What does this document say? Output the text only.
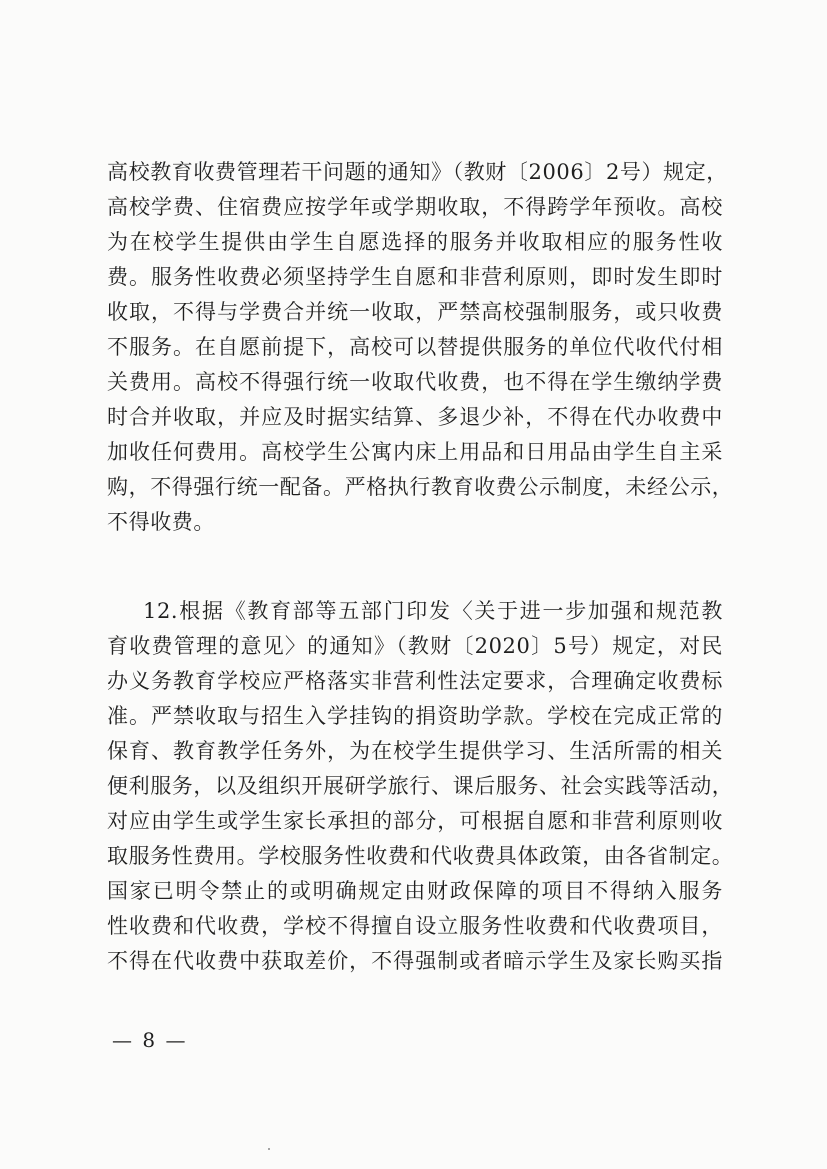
高校教育收费管理若干问题的通知》（教财〔2006〕2号）规定，
高校学费、住宿费应按学年或学期收取，不得跨学年预收。高校
为在校学生提供由学生自愿选择的服务并收取相应的服务性收
费。服务性收费必须坚持学生自愿和非营利原则，即时发生即时
收取，不得与学费合并统一收取，严禁高校强制服务，或只收费
不服务。在自愿前提下，高校可以替提供服务的单位代收代付相
关费用。高校不得强行统一收取代收费，也不得在学生缴纳学费
时合并收取，并应及时据实结算、多退少补，不得在代办收费中
加收任何费用。高校学生公寓内床上用品和日用品由学生自主采
购，不得强行统一配备。严格执行教育收费公示制度，未经公示，
不得收费。
12.根据《教育部等五部门印发〈关于进一步加强和规范教
育收费管理的意见〉的通知》（教财〔2020〕5号）规定，对民
办义务教育学校应严格落实非营利性法定要求，合理确定收费标
准。严禁收取与招生入学挂钩的捐资助学款。学校在完成正常的
保育、教育教学任务外，为在校学生提供学习、生活所需的相关
便利服务，以及组织开展研学旅行、课后服务、社会实践等活动，
对应由学生或学生家长承担的部分，可根据自愿和非营利原则收
取服务性费用。学校服务性收费和代收费具体政策，由各省制定。
国家已明令禁止的或明确规定由财政保障的项目不得纳入服务
性收费和代收费，学校不得擅自设立服务性收费和代收费项目，
不得在代收费中获取差价，不得强制或者暗示学生及家长购买指
— 8 —
